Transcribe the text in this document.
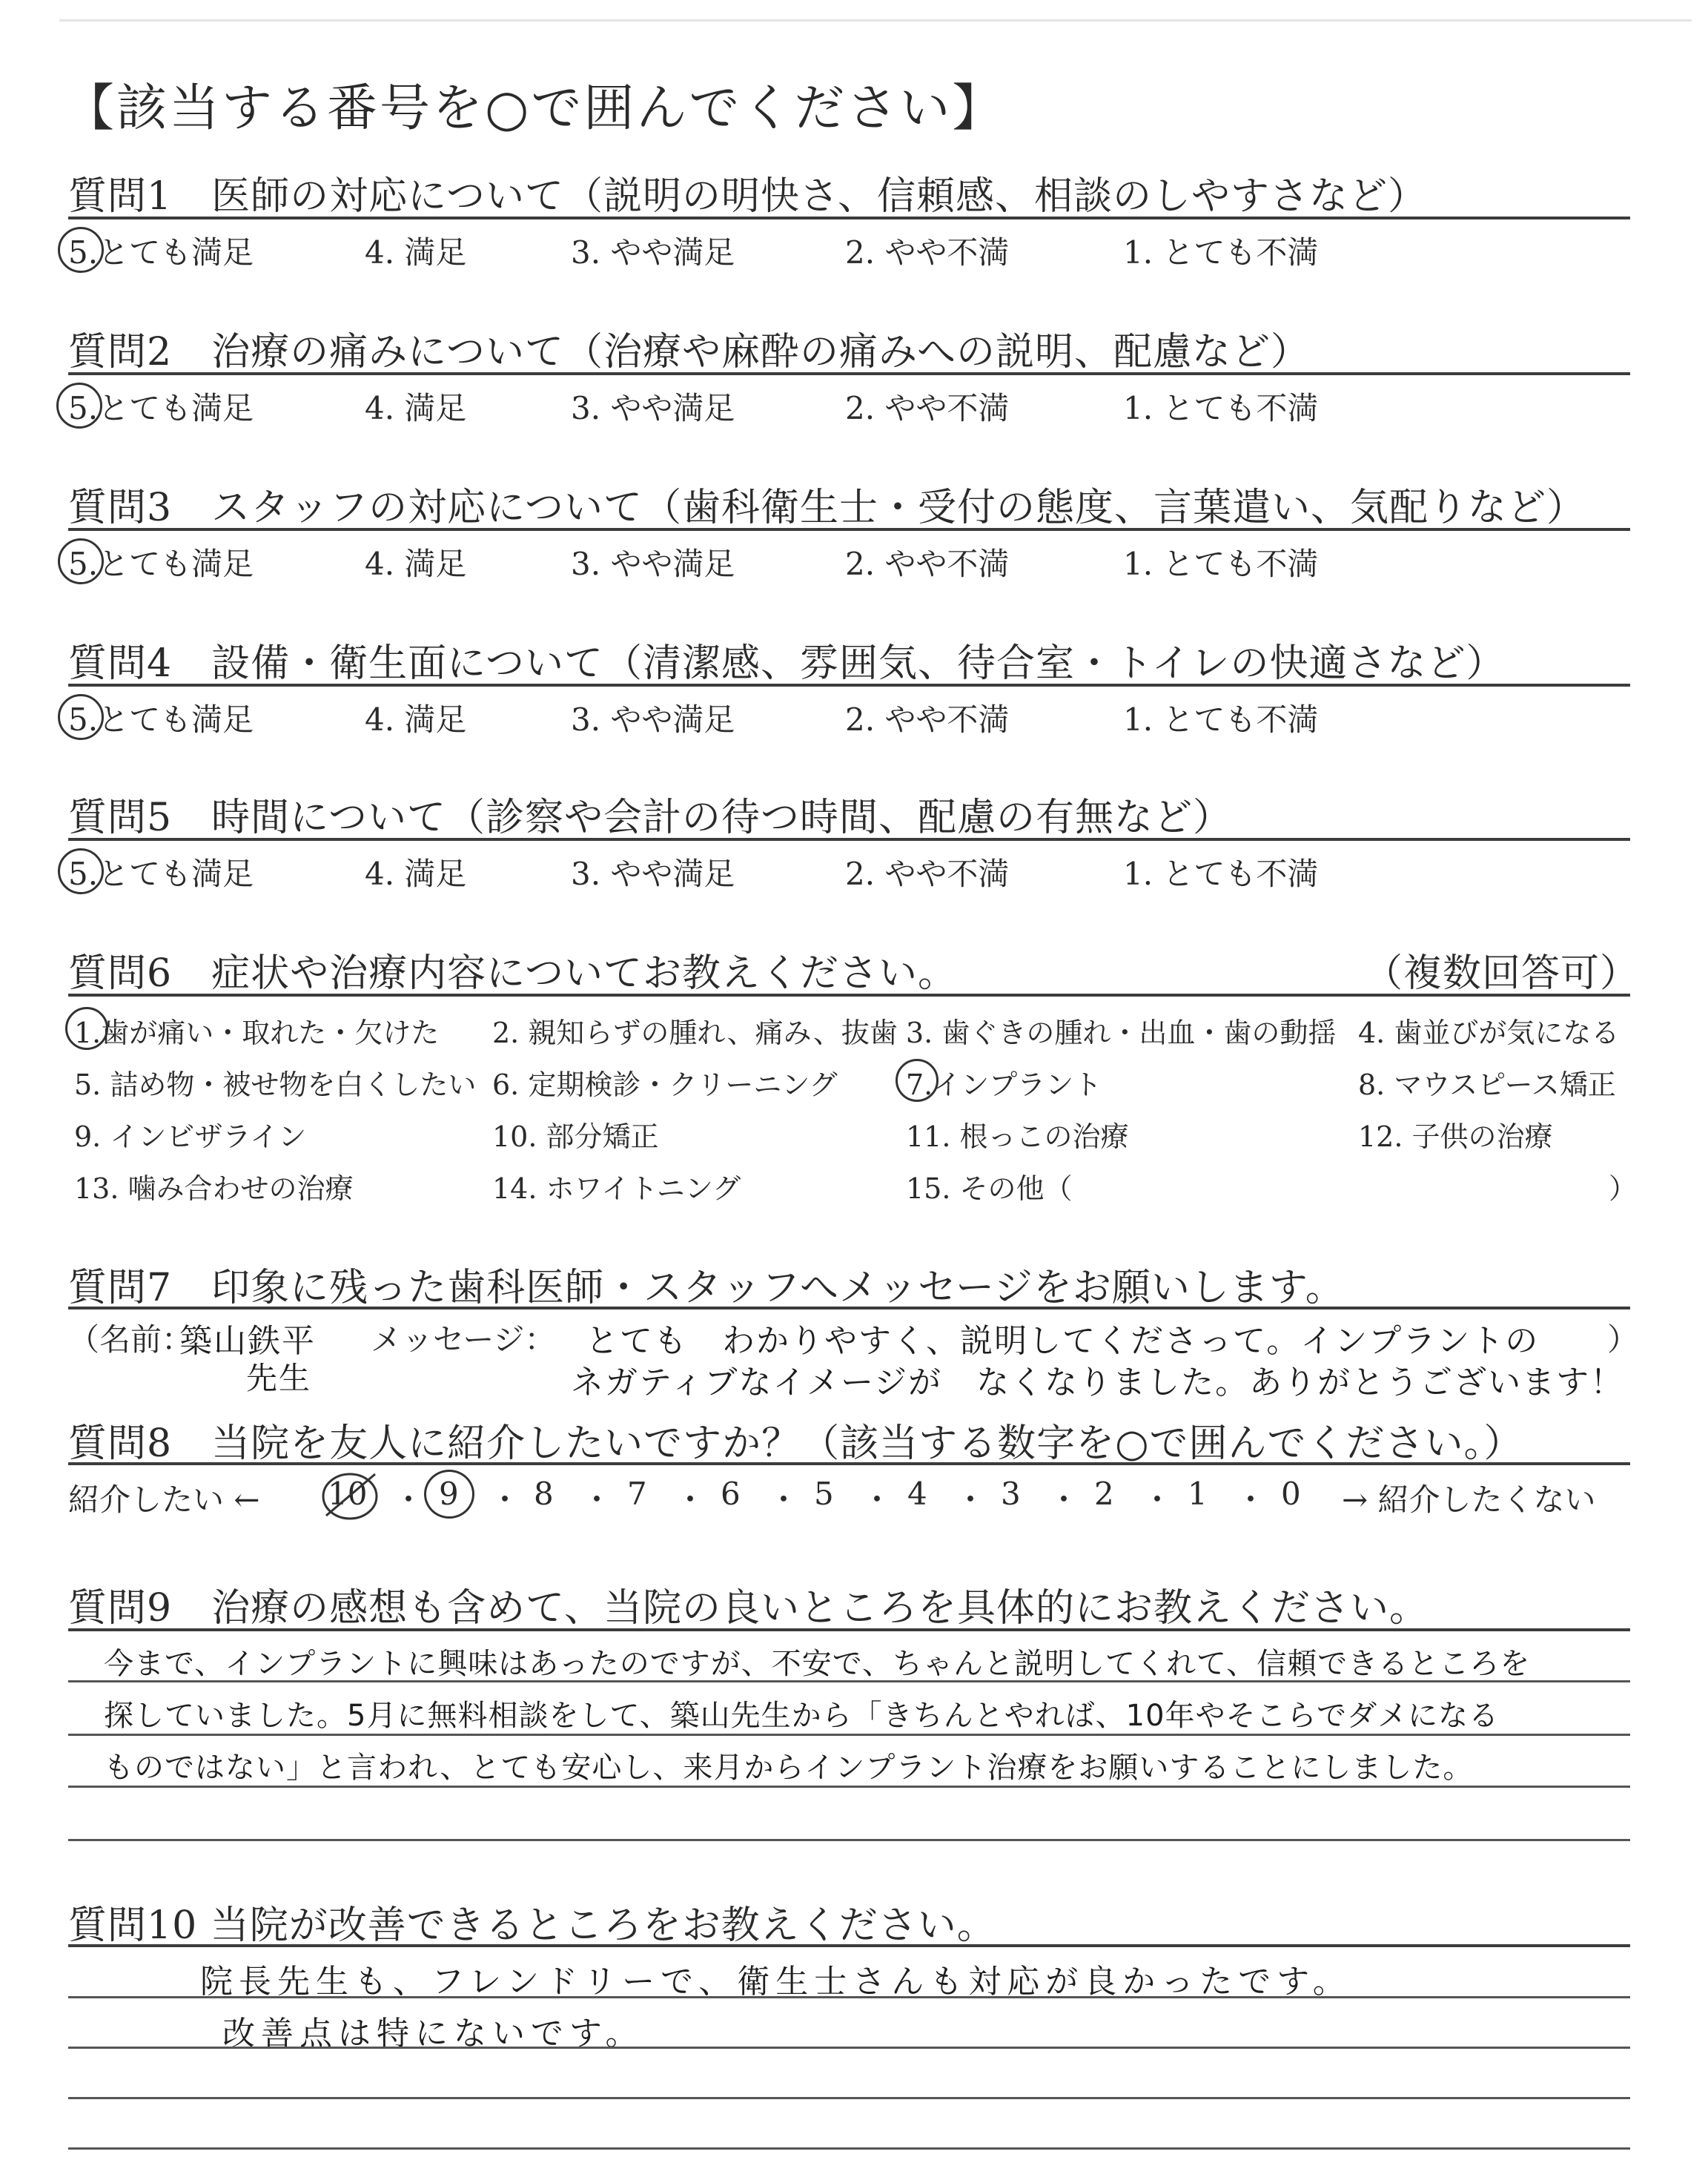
【該当する番号を○で囲んでください】
質問1　医師の対応について（説明の明快さ、信頼感、相談のしやすさなど）
5.とても満足	4. 満足	3. やや満足	2. やや不満	1. とても不満
質問2　治療の痛みについて（治療や麻酔の痛みへの説明、配慮など）
5.とても満足	4. 満足	3. やや満足	2. やや不満	1. とても不満
質問3　スタッフの対応について（歯科衛生士・受付の態度、言葉遣い、気配りなど）
5.とても満足	4. 満足	3. やや満足	2. やや不満	1. とても不満
質問4　設備・衛生面について（清潔感、雰囲気、待合室・トイレの快適さなど）
5.とても満足	4. 満足	3. やや満足	2. やや不満	1. とても不満
質問5　時間について（診察や会計の待つ時間、配慮の有無など）
5.とても満足	4. 満足	3. やや満足	2. やや不満	1. とても不満
質問6　症状や治療内容についてお教えください。	（複数回答可）
1.歯が痛い・取れた・欠けた 2. 親知らずの腫れ、痛み、抜歯 3. 歯ぐきの腫れ・出血・歯の動揺 4. 歯並びが気になる
5. 詰め物・被せ物を白くしたい 6. 定期検診・クリーニング 7.インプラント	8. マウスピース矯正
9. インビザライン	10. 部分矯正	11. 根っこの治療	12. 子供の治療
13. 噛み合わせの治療	14. ホワイトニング	15. その他（	）
質問7　印象に残った歯科医師・スタッフへメッセージをお願いします。
（名前：
築山鉄平
先生
メッセージ： とても　わかりやすく、説明してくださって。インプラントの
ネガティブなイメージが　なくなりました。ありがとうございます！
）
質問8　当院を友人に紹介したいですか？（該当する数字を○で囲んでください。）
紹介したい ← 10 ・ 9 ・ 8 ・ 7 ・ 6 ・ 5 ・ 4 ・ 3 ・ 2 ・ 1 ・ 0 → 紹介したくない
質問9　治療の感想も含めて、当院の良いところを具体的にお教えください。
今まで、インプラントに興味はあったのですが、不安で、ちゃんと説明してくれて、信頼できるところを
探していました。5月に無料相談をして、築山先生から「きちんとやれば、10年やそこらでダメになる
ものではない」と言われ、とても安心し、来月からインプラント治療をお願いすることにしました。
質問10 当院が改善できるところをお教えください。
院長先生も、フレンドリーで、衛生士さんも対応が良かったです。
改善点は特にないです。
